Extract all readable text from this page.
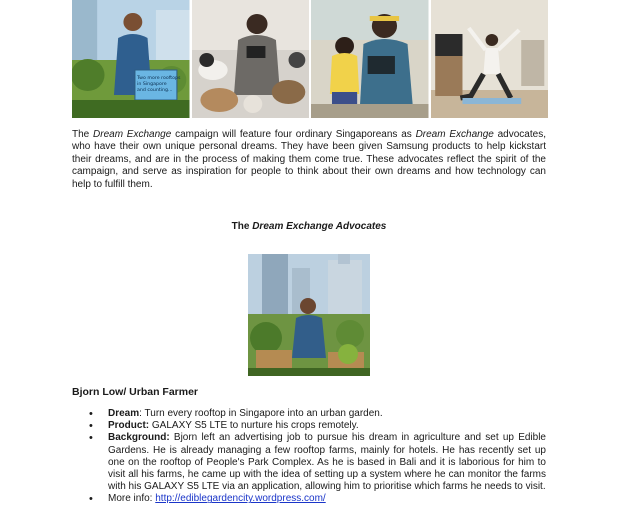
Two more rooftops
in Singapore
and counting...

The Dream Exchange campaign will feature four ordinary Singaporeans as Dream Exchange advocates, who have their own unique personal dreams. They have been given Samsung products to help kickstart their dreams, and are in the process of making them come true. These advocates reflect the spirit of the campaign, and serve as inspiration for people to think about their own dreams and how technology can help to fulfill them.

The Dream Exchange Advocates

Bjorn Low/ Urban Farmer

• Dream: Turn every rooftop in Singapore into an urban garden.
• Product: GALAXY S5 LTE to nurture his crops remotely.
• Background: Bjorn left an advertising job to pursue his dream in agriculture and set up Edible Gardens. He is already managing a few rooftop farms, mainly for hotels. He has recently set up one on the rooftop of People's Park Complex. As he is based in Bali and it is laborious for him to visit all his farms, he came up with the idea of setting up a system where he can monitor the farms with his GALAXY S5 LTE via an application, allowing him to prioritise which farms he needs to visit.
• More info: http://ediblegardencity.wordpress.com/
